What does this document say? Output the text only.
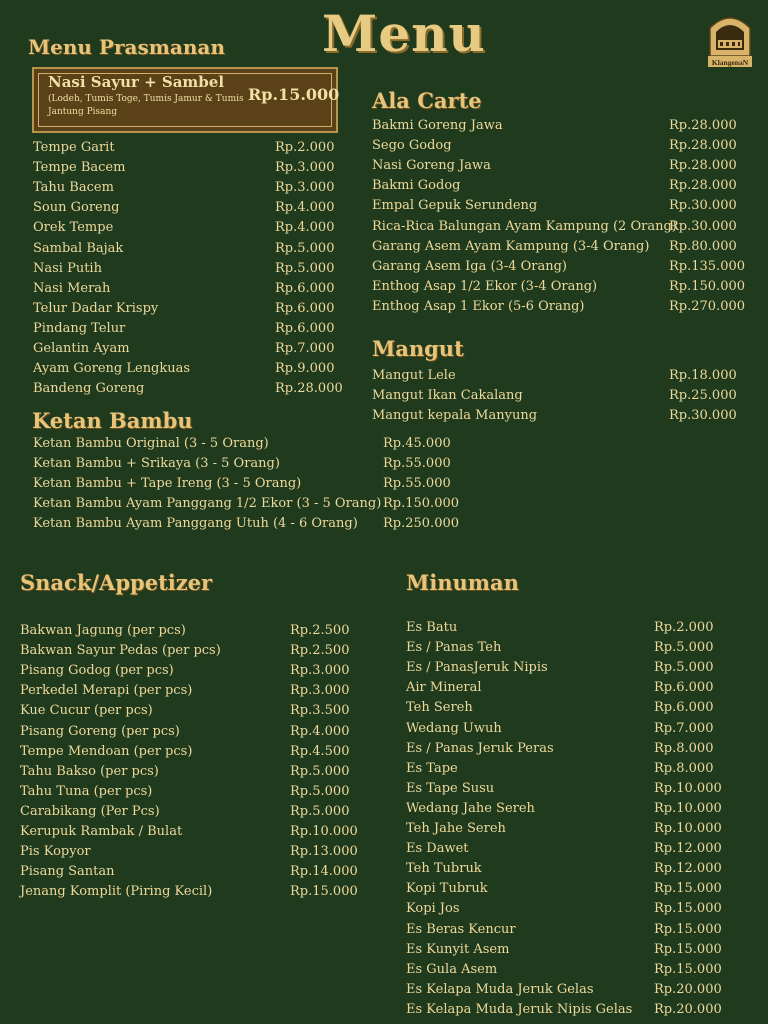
Menu	KlangenaN
Menu Prasmanan
Nasi Sayur + Sambel
(Lodeh, Tumis Toge, Tumis Jamur & Tumis Jantung Pisang
Rp.15.000
Tempe Garit	Rp.2.000
Tempe Bacem	Rp.3.000
Tahu Bacem	Rp.3.000
Soun Goreng	Rp.4.000
Orek Tempe	Rp.4.000
Sambal Bajak	Rp.5.000
Nasi Putih	Rp.5.000
Nasi Merah	Rp.6.000
Telur Dadar Krispy	Rp.6.000
Pindang Telur	Rp.6.000
Gelantin Ayam	Rp.7.000
Ayam Goreng Lengkuas	Rp.9.000
Bandeng Goreng	Rp.28.000
Ketan Bambu
Ketan Bambu Original (3 - 5 Orang)	Rp.45.000
Ketan Bambu + Srikaya (3 - 5 Orang)	Rp.55.000
Ketan Bambu + Tape Ireng (3 - 5 Orang)	Rp.55.000
Ketan Bambu Ayam Panggang 1/2 Ekor (3 - 5 Orang) Rp.150.000
Ketan Bambu Ayam Panggang Utuh (4 - 6 Orang) Rp.250.000
Ala Carte
Bakmi Goreng Jawa	Rp.28.000
Sego Godog	Rp.28.000
Nasi Goreng Jawa	Rp.28.000
Bakmi Godog	Rp.28.000
Empal Gepuk Serundeng	Rp.30.000
Rica-Rica Balungan Ayam Kampung (2 Orang)
Rp.30.000
Garang Asem Ayam Kampung (3-4 Orang) Rp.80.000
Garang Asem Iga (3-4 Orang)	Rp.135.000
Enthog Asap 1/2 Ekor (3-4 Orang)	Rp.150.000
Enthog Asap 1 Ekor (5-6 Orang)	Rp.270.000
Mangut
Mangut Lele	Rp.18.000
Mangut Ikan Cakalang	Rp.25.000
Mangut kepala Manyung	Rp.30.000
Snack/Appetizer
Bakwan Jagung (per pcs)	Rp.2.500
Bakwan Sayur Pedas (per pcs)	Rp.2.500
Pisang Godog (per pcs)	Rp.3.000
Perkedel Merapi (per pcs)	Rp.3.000
Kue Cucur (per pcs)	Rp.3.500
Pisang Goreng (per pcs)	Rp.4.000
Tempe Mendoan (per pcs)	Rp.4.500
Tahu Bakso (per pcs)	Rp.5.000
Tahu Tuna (per pcs)	Rp.5.000
Carabikang (Per Pcs)	Rp.5.000
Kerupuk Rambak / Bulat	Rp.10.000
Pis Kopyor	Rp.13.000
Pisang Santan	Rp.14.000
Jenang Komplit (Piring Kecil)	Rp.15.000
Minuman
Es Batu	Rp.2.000
Es / Panas Teh	Rp.5.000
Es / PanasJeruk Nipis	Rp.5.000
Air Mineral	Rp.6.000
Teh Sereh	Rp.6.000
Wedang Uwuh	Rp.7.000
Es / Panas Jeruk Peras	Rp.8.000
Es Tape	Rp.8.000
Es Tape Susu	Rp.10.000
Wedang Jahe Sereh	Rp.10.000
Teh Jahe Sereh	Rp.10.000
Es Dawet	Rp.12.000
Teh Tubruk	Rp.12.000
Kopi Tubruk	Rp.15.000
Kopi Jos	Rp.15.000
Es Beras Kencur	Rp.15.000
Es Kunyit Asem	Rp.15.000
Es Gula Asem	Rp.15.000
Es Kelapa Muda Jeruk Gelas	Rp.20.000
Es Kelapa Muda Jeruk Nipis Gelas Rp.20.000
